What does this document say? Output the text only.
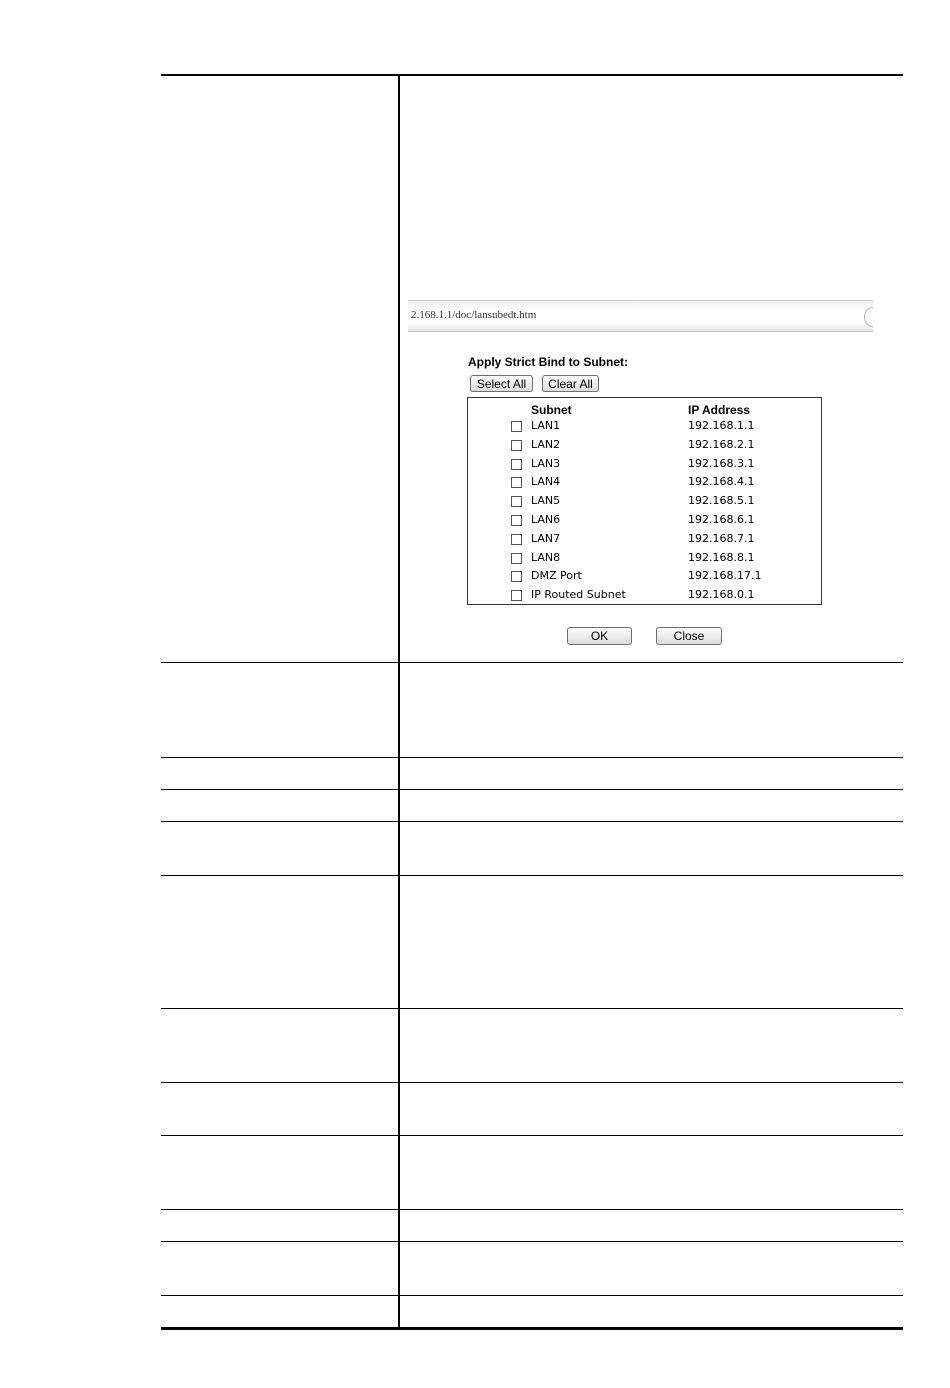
2.168.1.1/doc/lansubedt.htm
Apply Strict Bind to Subnet:
Select All	Clear All
Subnet	IP Address
LAN1	192.168.1.1
LAN2	192.168.2.1
LAN3	192.168.3.1
LAN4	192.168.4.1
LAN5	192.168.5.1
LAN6	192.168.6.1
LAN7	192.168.7.1
LAN8	192.168.8.1
DMZ Port	192.168.17.1
IP Routed Subnet	192.168.0.1
OK	Close
